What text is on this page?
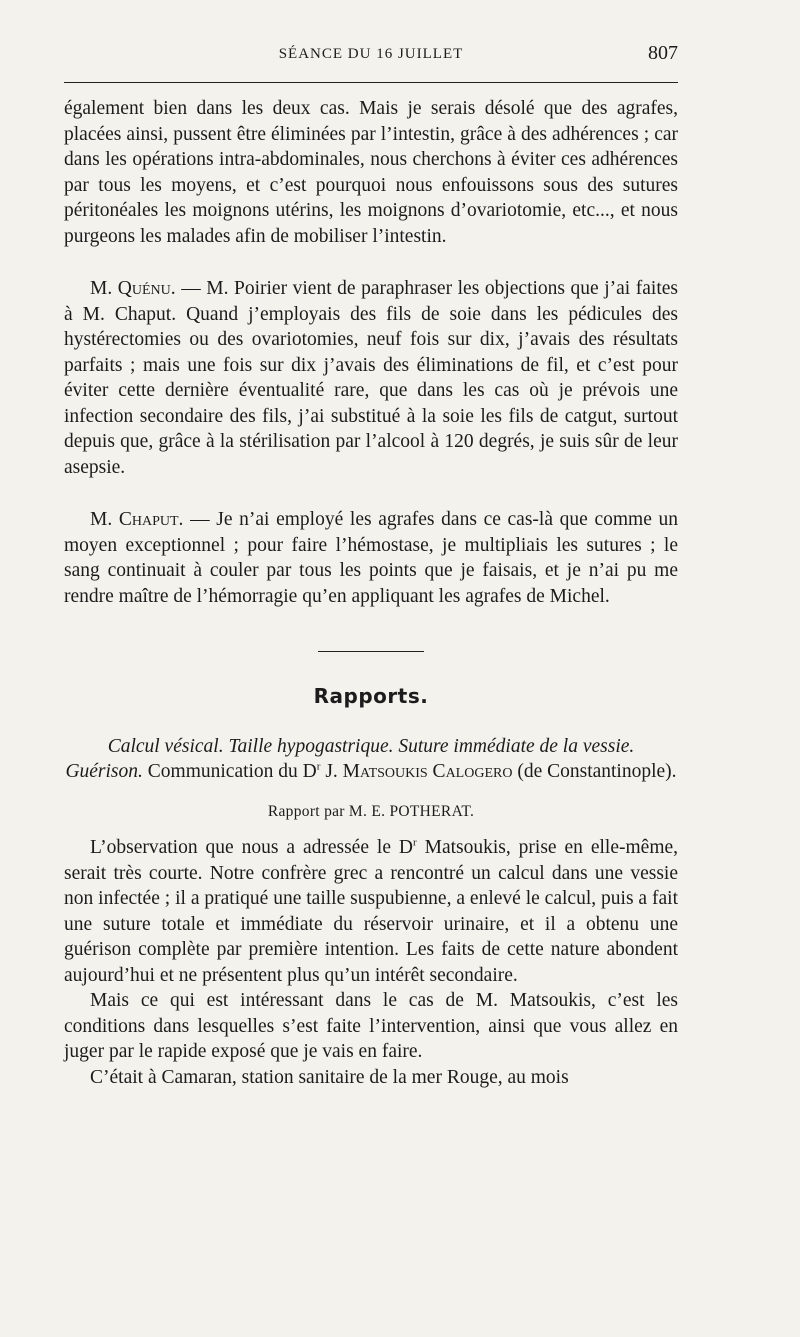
SÉANCE DU 16 JUILLET	807

également bien dans les deux cas. Mais je serais désolé que des agrafes, placées ainsi, pussent être éliminées par l’intestin, grâce à des adhérences ; car dans les opérations intra-abdominales, nous cherchons à éviter ces adhérences par tous les moyens, et c’est pourquoi nous enfouissons sous des sutures péritonéales les moignons utérins, les moignons d’ovariotomie, etc..., et nous purgeons les malades afin de mobiliser l’intestin.

M. Quénu. — M. Poirier vient de paraphraser les objections que j’ai faites à M. Chaput. Quand j’employais des fils de soie dans les pédicules des hystérectomies ou des ovariotomies, neuf fois sur dix, j’avais des résultats parfaits ; mais une fois sur dix j’avais des éliminations de fil, et c’est pour éviter cette dernière éventualité rare, que dans les cas où je prévois une infection secondaire des fils, j’ai substitué à la soie les fils de catgut, surtout depuis que, grâce à la stérilisation par l’alcool à 120 degrés, je suis sûr de leur asepsie.

M. Chaput. — Je n’ai employé les agrafes dans ce cas-là que comme un moyen exceptionnel ; pour faire l’hémostase, je multipliais les sutures ; le sang continuait à couler par tous les points que je faisais, et je n’ai pu me rendre maître de l’hémorragie qu’en appliquant les agrafes de Michel.

Rapports.
Calcul vésical. Taille hypogastrique. Suture immédiate de la vessie.
Guérison. Communication du $D^r$ J. Matsoukis Calogero (de Constantinople).
Rapport par M. E. POTHERAT.

L’observation que nous a adressée le $D^r$ Matsoukis, prise en elle-même, serait très courte. Notre confrère grec a rencontré un calcul dans une vessie non infectée ; il a pratiqué une taille suspubienne, a enlevé le calcul, puis a fait une suture totale et immédiate du réservoir urinaire, et il a obtenu une guérison complète par première intention. Les faits de cette nature abondent aujourd’hui et ne présentent plus qu’un intérêt secondaire.

Mais ce qui est intéressant dans le cas de M. Matsoukis, c’est les conditions dans lesquelles s’est faite l’intervention, ainsi que vous allez en juger par le rapide exposé que je vais en faire.

C’était à Camaran, station sanitaire de la mer Rouge, au mois
